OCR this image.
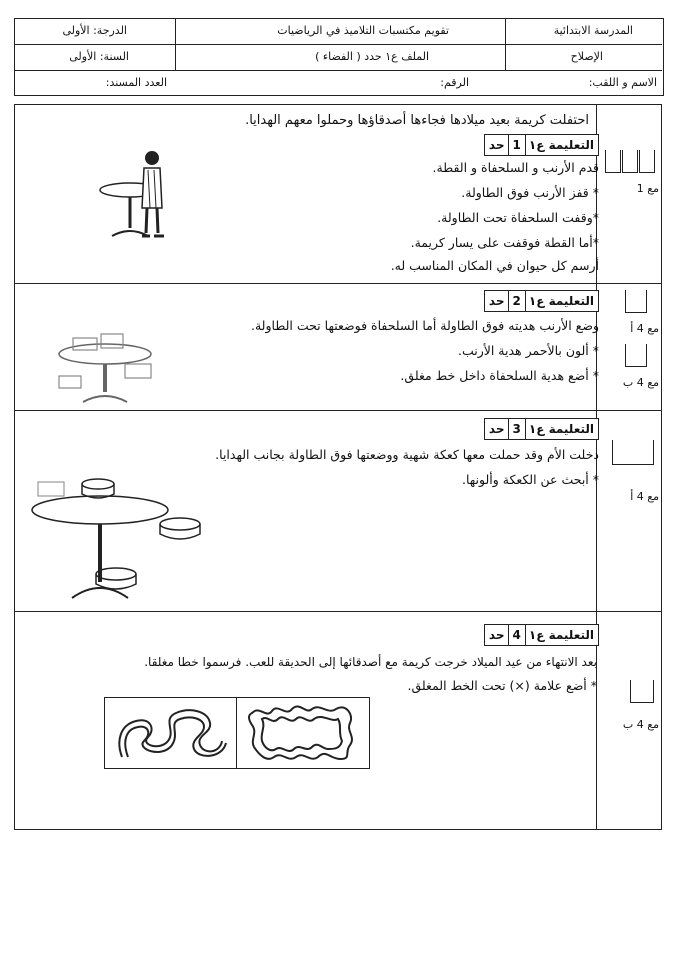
المدرسة الابتدائية
الإصلاح
تقويم مكتسبات التلاميذ في الرياضيات
الملف ع١ حدد ( الفضاء )
الرقم:
الدرجة: الأولى
السنة: الأولى
الاسم و اللقب:
العدد المسند:
احتفلت كريمة بعيد ميلادها فجاءها أصدقاؤها وحملوا معهم الهدايا.
التعليمة ع١
1
حد
قدم الأرنب و السلحفاة و القطة.
* قفز الأرنب فوق الطاولة.
*وقفت السلحفاة تحت الطاولة.
*أما القطة فوقفت على يسار كريمة.
أرسم كل حيوان في المكان المناسب له.
مع 1
التعليمة ع١
2
حد
وضع الأرنب هديته فوق الطاولة أما السلحفاة فوضعتها تحت الطاولة.
* ألون بالأحمر هدية الأرنب.
* أضع هدية السلحفاة داخل خط مغلق.
مع 4 أ
مع 4 ب
التعليمة ع١
3
حد
دخلت الأم وقد حملت معها كعكة شهية ووضعتها فوق الطاولة بجانب الهدايا.
* أبحث عن الكعكة وألونها.
مع 4 أ
التعليمة ع١
4
حد
بعد الانتهاء من عيد الميلاد خرجت كريمة مع أصدقائها إلى الحديقة للعب. فرسموا خطا مغلقا.
* أضع علامة (×) تحت الخط المغلق.
مع 4 ب
